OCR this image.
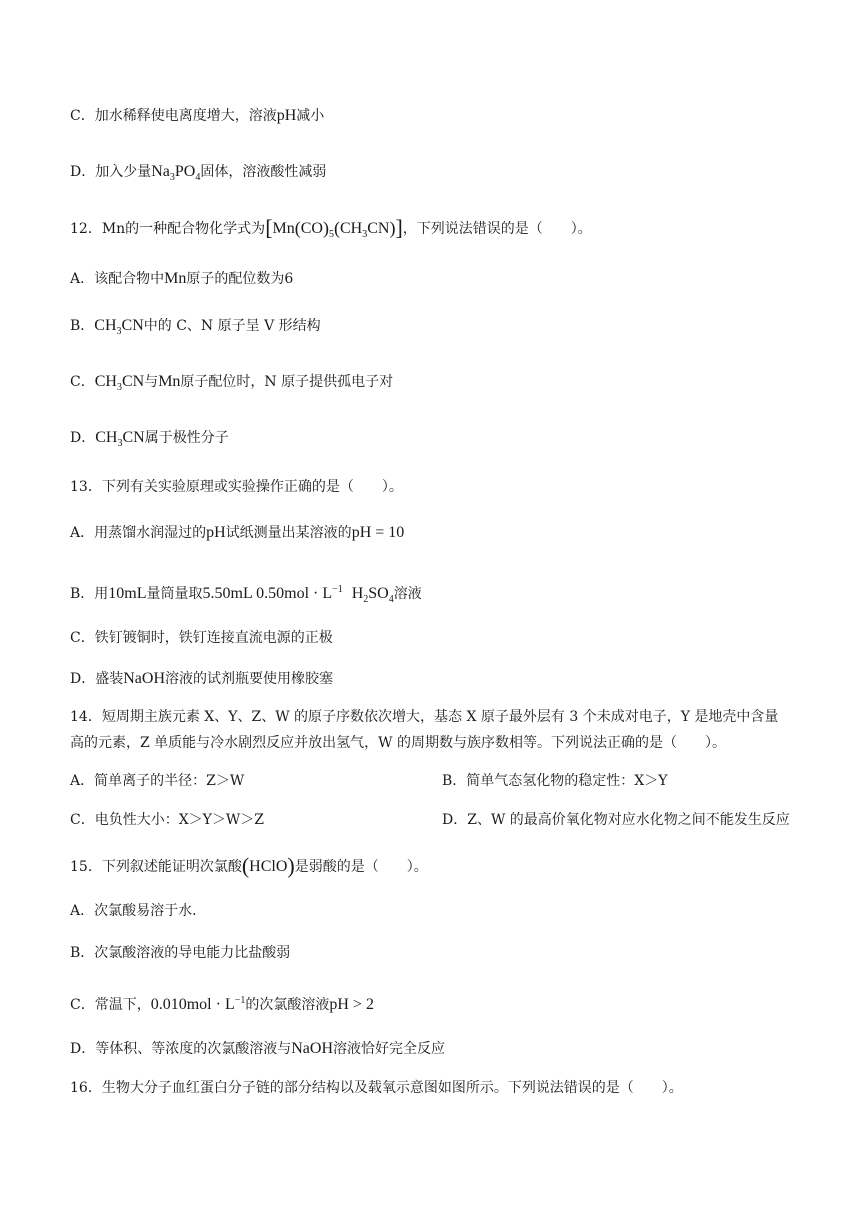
C．加水稀释使电离度增大，溶液pH减小
D．加入少量$Na_3PO_4$固体，溶液酸性减弱
12．Mn的一种配合物化学式为$[Mn(CO)_5(CH_3CN)]$，下列说法错误的是（　　）。
A．该配合物中Mn原子的配位数为6
B．$CH_3CN$中的 C、N 原子呈 V 形结构
C．$CH_3CN$与Mn原子配位时，N 原子提供孤电子对
D．$CH_3CN$属于极性分子
13．下列有关实验原理或实验操作正确的是（　　）。
A．用蒸馏水润湿过的pH试纸测量出某溶液的pH = 10
B．用10mL量筒量取5.50mL $0.50mol \cdot L^{-1}$ $H_2SO_4$溶液
C．铁钉镀铜时，铁钉连接直流电源的正极
D．盛装NaOH溶液的试剂瓶要使用橡胶塞
14．短周期主族元素 X、Y、Z、W 的原子序数依次增大，基态 X 原子最外层有 3 个未成对电子，Y 是地壳中含量高的元素，Z 单质能与冷水剧烈反应并放出氢气，W 的周期数与族序数相等。下列说法正确的是（　　）。
A．简单离子的半径：Z＞W	B．简单气态氢化物的稳定性：X＞Y
C．电负性大小：X＞Y＞W＞Z	D．Z、W 的最高价氧化物对应水化物之间不能发生反应
15．下列叙述能证明次氯酸(HClO)是弱酸的是（　　）。
A．次氯酸易溶于水．
B．次氯酸溶液的导电能力比盐酸弱
C．常温下，$0.010mol \cdot L^{-1}$的次氯酸溶液pH > 2
D．等体积、等浓度的次氯酸溶液与NaOH溶液恰好完全反应
16．生物大分子血红蛋白分子链的部分结构以及载氧示意图如图所示。下列说法错误的是（　　）。
